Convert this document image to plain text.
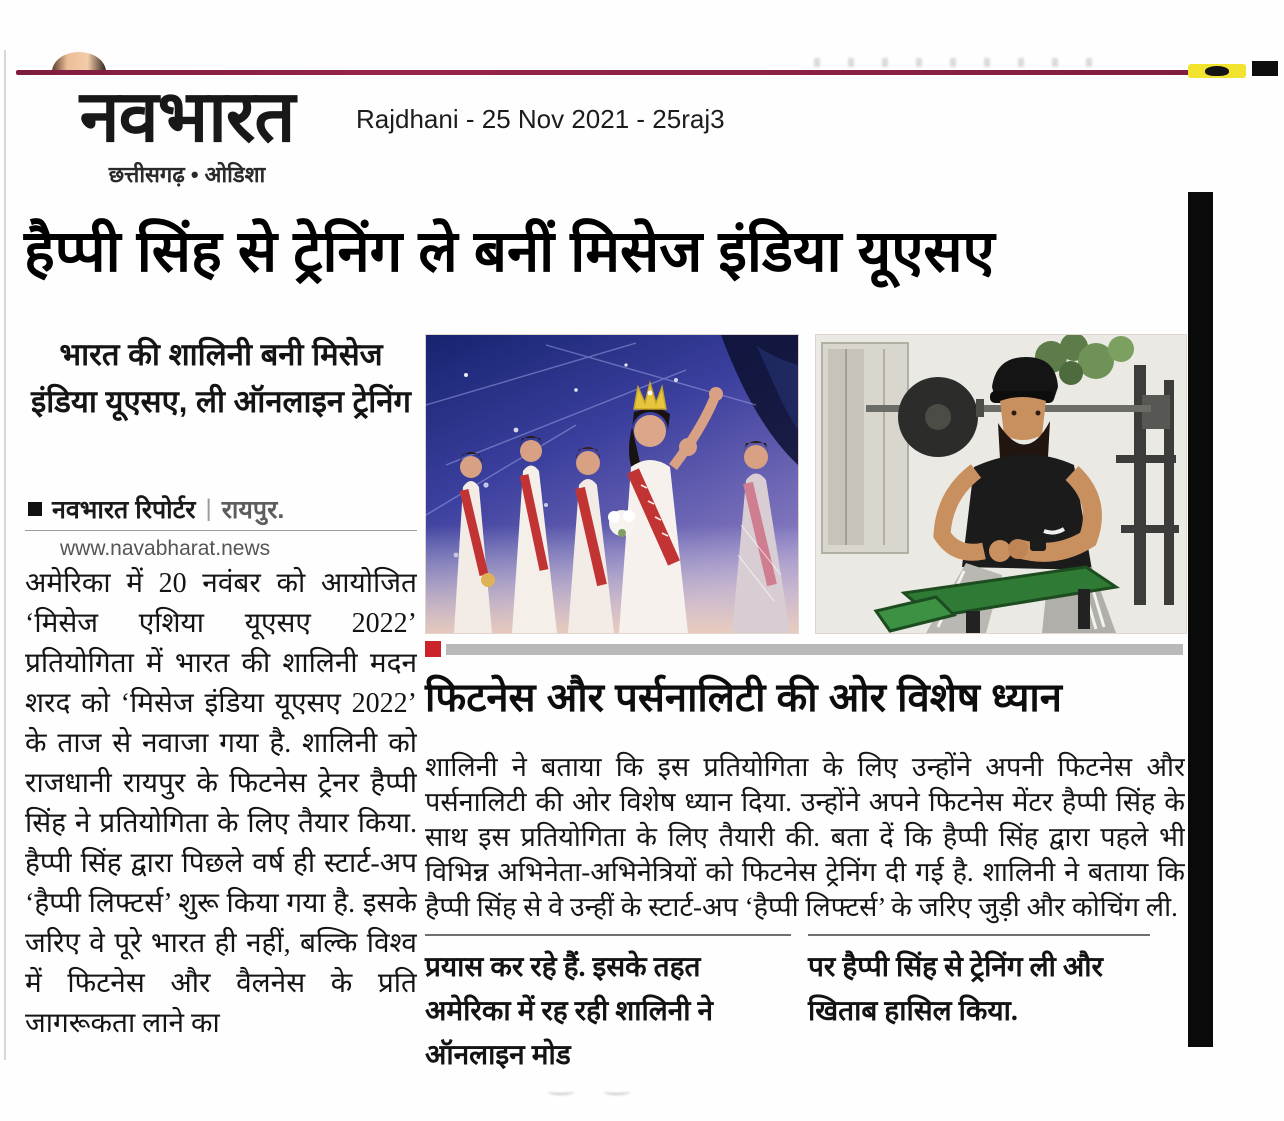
नवभारत
छत्तीसगढ़ • ओडिशा
Rajdhani - 25 Nov 2021 - 25raj3
हैप्पी सिंह से ट्रेनिंग ले बनीं मिसेज इंडिया यूएसए
भारत की शालिनी बनी मिसेज इंडिया यूएसए, ली ऑनलाइन ट्रेनिंग
नवभारत रिपोर्टर | रायपुर.
www.navabharat.news
अमेरिका में 20 नवंबर को आयोजित ‘मिसेज एशिया यूएसए 2022’ प्रतियोगिता में भारत की शालिनी मदन शरद को ‘मिसेज इंडिया यूएसए 2022’ के ताज से नवाजा गया है. शालिनी को राजधानी रायपुर के फिटनेस ट्रेनर हैप्पी सिंह ने प्रतियोगिता के लिए तैयार किया. हैप्पी सिंह द्वारा पिछले वर्ष ही स्टार्ट-अप ‘हैप्पी लिफ्टर्स’ शुरू किया गया है. इसके जरिए वे पूरे भारत ही नहीं, बल्कि विश्व में फिटनेस और वैलनेस के प्रति जागरूकता लाने का
फिटनेस और पर्सनालिटी की ओर विशेष ध्यान
शालिनी ने बताया कि इस प्रतियोगिता के लिए उन्होंने अपनी फिटनेस और पर्सनालिटी की ओर विशेष ध्यान दिया. उन्होंने अपने फिटनेस मेंटर हैप्पी सिंह के साथ इस प्रतियोगिता के लिए तैयारी की. बता दें कि हैप्पी सिंह द्वारा पहले भी विभिन्न अभिनेता-अभिनेत्रियों को फिटनेस ट्रेनिंग दी गई है. शालिनी ने बताया कि हैप्पी सिंह से वे उन्हीं के स्टार्ट-अप ‘हैप्पी लिफ्टर्स’ के जरिए जुड़ी और कोचिंग ली.
प्रयास कर रहे हैं. इसके तहत अमेरिका में रह रही शालिनी ने ऑनलाइन मोड
पर हैप्पी सिंह से ट्रेनिंग ली और खिताब हासिल किया.
